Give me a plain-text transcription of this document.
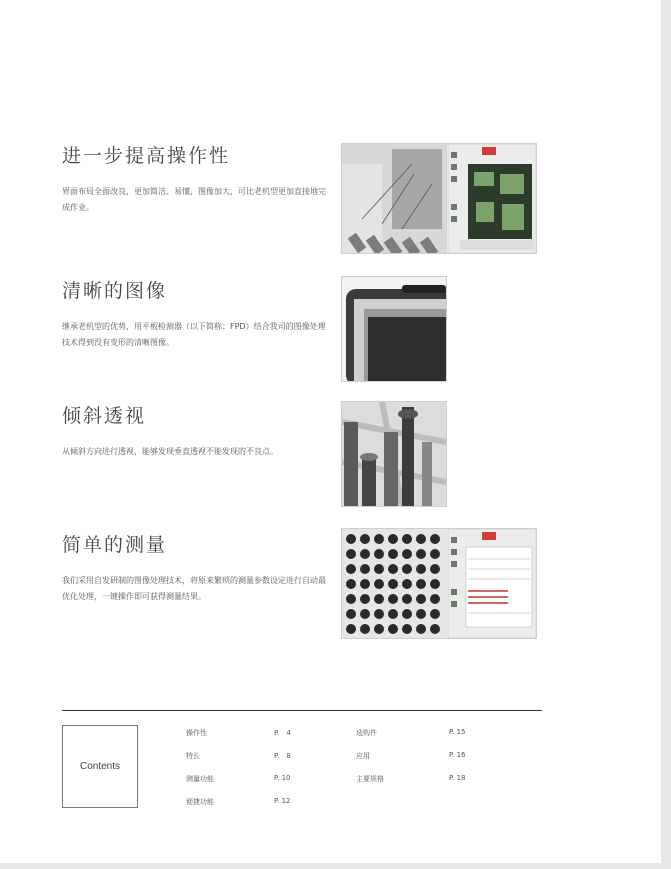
进一步提高操作性

界面布局全面改良，更加简洁、易懂，图像加大，可比老机型更加直接地完成作业。

清晰的图像

继承老机型的优势，用平板检测器（以下简称：FPD）结合我司的图像处理技术得到没有变形的清晰图像。

倾斜透视

从倾斜方向进行透视，能够发现垂直透视不能发现的不良点。

简单的测量

我们采用自发研制的图像处理技术，将原来繁琐的测量参数设定进行自动最优化处理，一键操作即可获得测量结果。

Contents
操作性	P.　4
特长	P.　8
测量功能	P. 10
便捷功能	P. 12
选购件	P. 15
应用	P. 16
主要规格	P. 18
